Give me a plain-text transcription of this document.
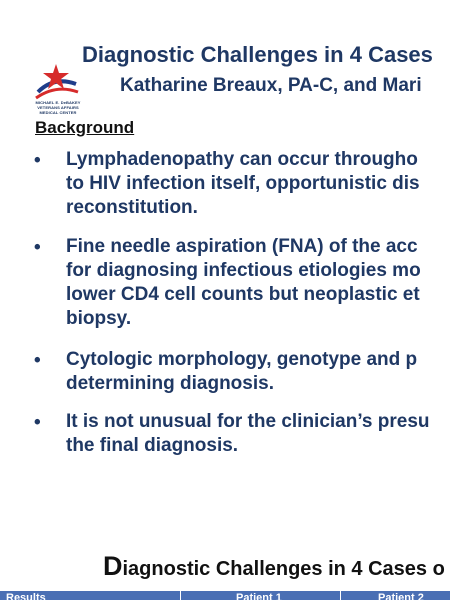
MICHAEL E. DeBAKEY VETERANS AFFAIRS MEDICAL CENTER
Diagnostic Challenges in 4 Cases
Katharine Breaux, PA-C, and Mari
Background
• Lymphadenopathy can occur througho
to HIV infection itself, opportunistic dis
reconstitution.
• Fine needle aspiration (FNA) of the acc
for diagnosing infectious etiologies mo
lower CD4 cell counts but neoplastic et
biopsy.
• Cytologic morphology, genotype and p
determining diagnosis.
• It is not unusual for the clinician’s presu
the final diagnosis.
Diagnostic Challenges in 4 Cases o
Results	Patient 1	Patient 2
